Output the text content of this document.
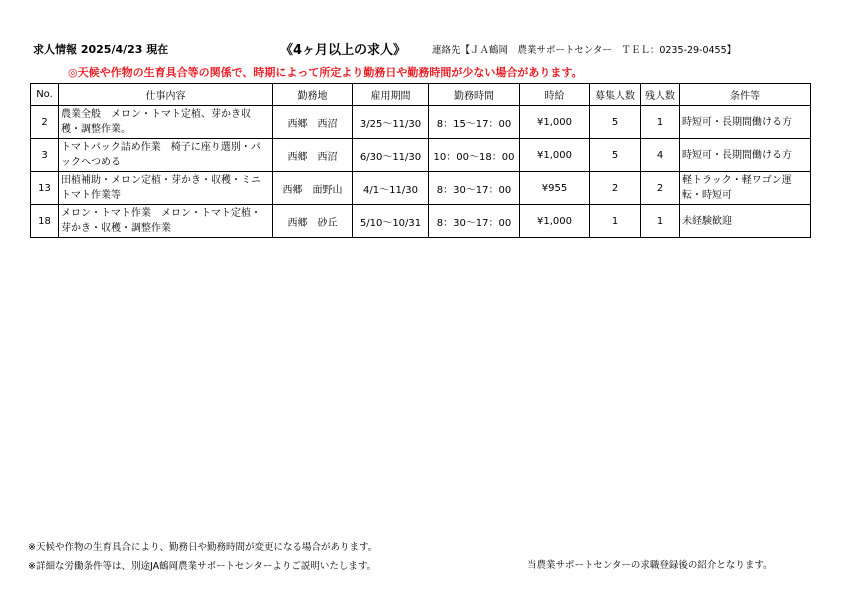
求人情報 2025/4/23 現在	《4ヶ月以上の求人》	連絡先【ＪＡ鶴岡　農業サポートセンター　ＴＥＬ：0235-29-0455】
◎天候や作物の生育具合等の関係で、時期によって所定より勤務日や勤務時間が少ない場合があります。
No.	仕事内容	勤務地	雇用期間	勤務時間	時給	募集人数	残人数	条件等
2	農業全般　メロン・トマト定植、芽かき収穫・調整作業。	西郷　西沼	3/25〜11/30	8：15〜17：00	¥1,000	5	1	時短可・長期間働ける方
3	トマトパック詰め作業　椅子に座り選別・パックへつめる	西郷　西沼	6/30〜11/30	10：00〜18：00	¥1,000	5	4	時短可・長期間働ける方
13	田植補助・メロン定植・芽かき・収穫・ミニトマト作業等	西郷　面野山	4/1〜11/30	8：30〜17：00	¥955	2	2	軽トラック・軽ワゴン運転・時短可
18	メロン・トマト作業　メロン・トマト定植・芽かき・収穫・調整作業	西郷　砂丘	5/10〜10/31	8：30〜17：00	¥1,000	1	1	未経験歓迎
※天候や作物の生育具合により、勤務日や勤務時間が変更になる場合があります。
※詳細な労働条件等は、別途JA鶴岡農業サポートセンターよりご説明いたします。	当農業サポートセンターの求職登録後の紹介となります。
